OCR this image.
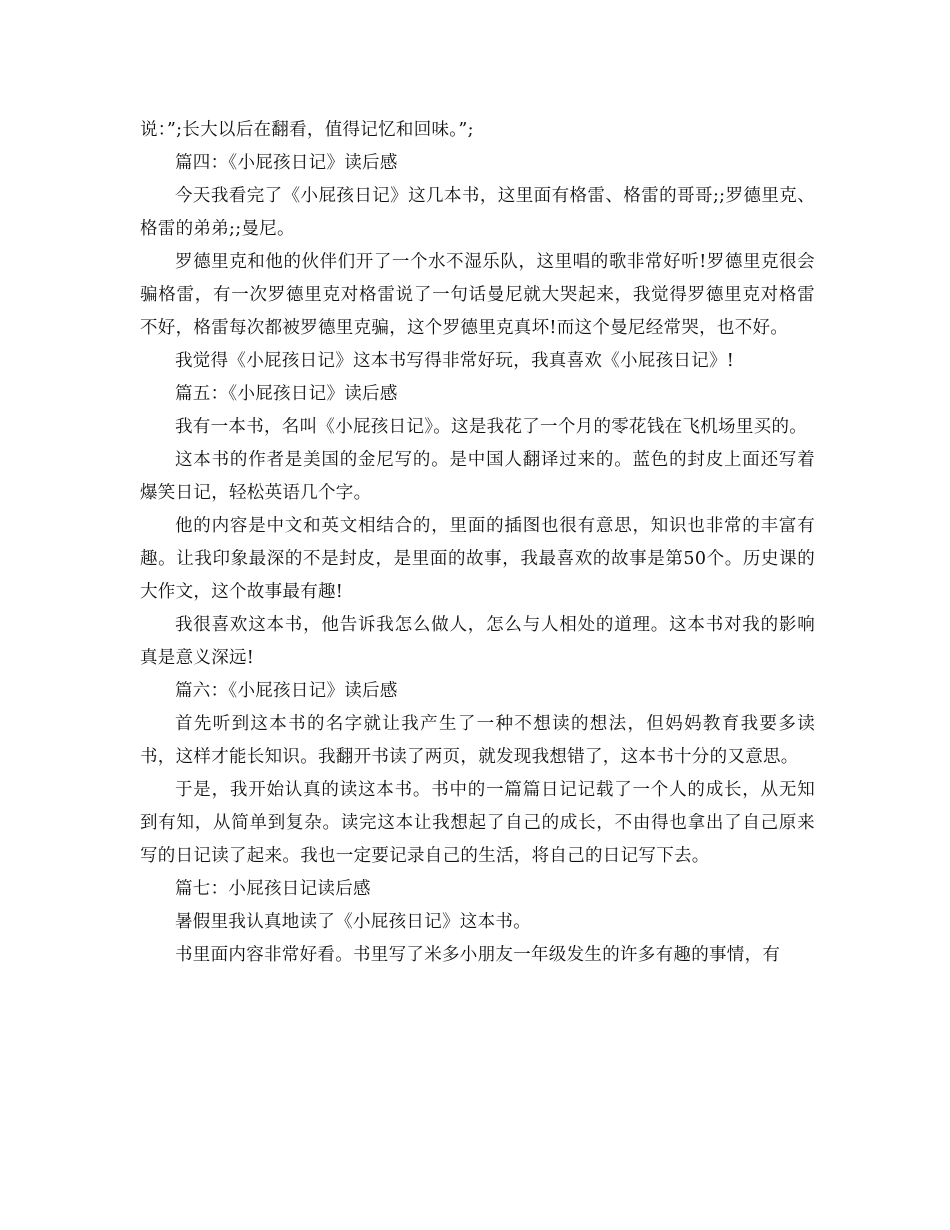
说：”;长大以后在翻看，值得记忆和回味。”;

篇四：《小屁孩日记》读后感

今天我看完了《小屁孩日记》这几本书，这里面有格雷、格雷的哥哥;;罗德里克、格雷的弟弟;;曼尼。

罗德里克和他的伙伴们开了一个水不湿乐队，这里唱的歌非常好听!罗德里克很会骗格雷，有一次罗德里克对格雷说了一句话曼尼就大哭起来，我觉得罗德里克对格雷不好，格雷每次都被罗德里克骗，这个罗德里克真坏!而这个曼尼经常哭，也不好。

我觉得《小屁孩日记》这本书写得非常好玩，我真喜欢《小屁孩日记》!

篇五：《小屁孩日记》读后感

我有一本书，名叫《小屁孩日记》。这是我花了一个月的零花钱在飞机场里买的。

这本书的作者是美国的金尼写的。是中国人翻译过来的。蓝色的封皮上面还写着爆笑日记，轻松英语几个字。

他的内容是中文和英文相结合的，里面的插图也很有意思，知识也非常的丰富有趣。让我印象最深的不是封皮，是里面的故事，我最喜欢的故事是第50个。历史课的大作文，这个故事最有趣!

我很喜欢这本书，他告诉我怎么做人，怎么与人相处的道理。这本书对我的影响真是意义深远!

篇六：《小屁孩日记》读后感

首先听到这本书的名字就让我产生了一种不想读的想法，但妈妈教育我要多读书，这样才能长知识。我翻开书读了两页，就发现我想错了，这本书十分的又意思。

于是，我开始认真的读这本书。书中的一篇篇日记记载了一个人的成长，从无知到有知，从简单到复杂。读完这本让我想起了自己的成长，不由得也拿出了自己原来写的日记读了起来。我也一定要记录自己的生活，将自己的日记写下去。

篇七：小屁孩日记读后感

暑假里我认真地读了《小屁孩日记》这本书。

书里面内容非常好看。书里写了米多小朋友一年级发生的许多有趣的事情，有
